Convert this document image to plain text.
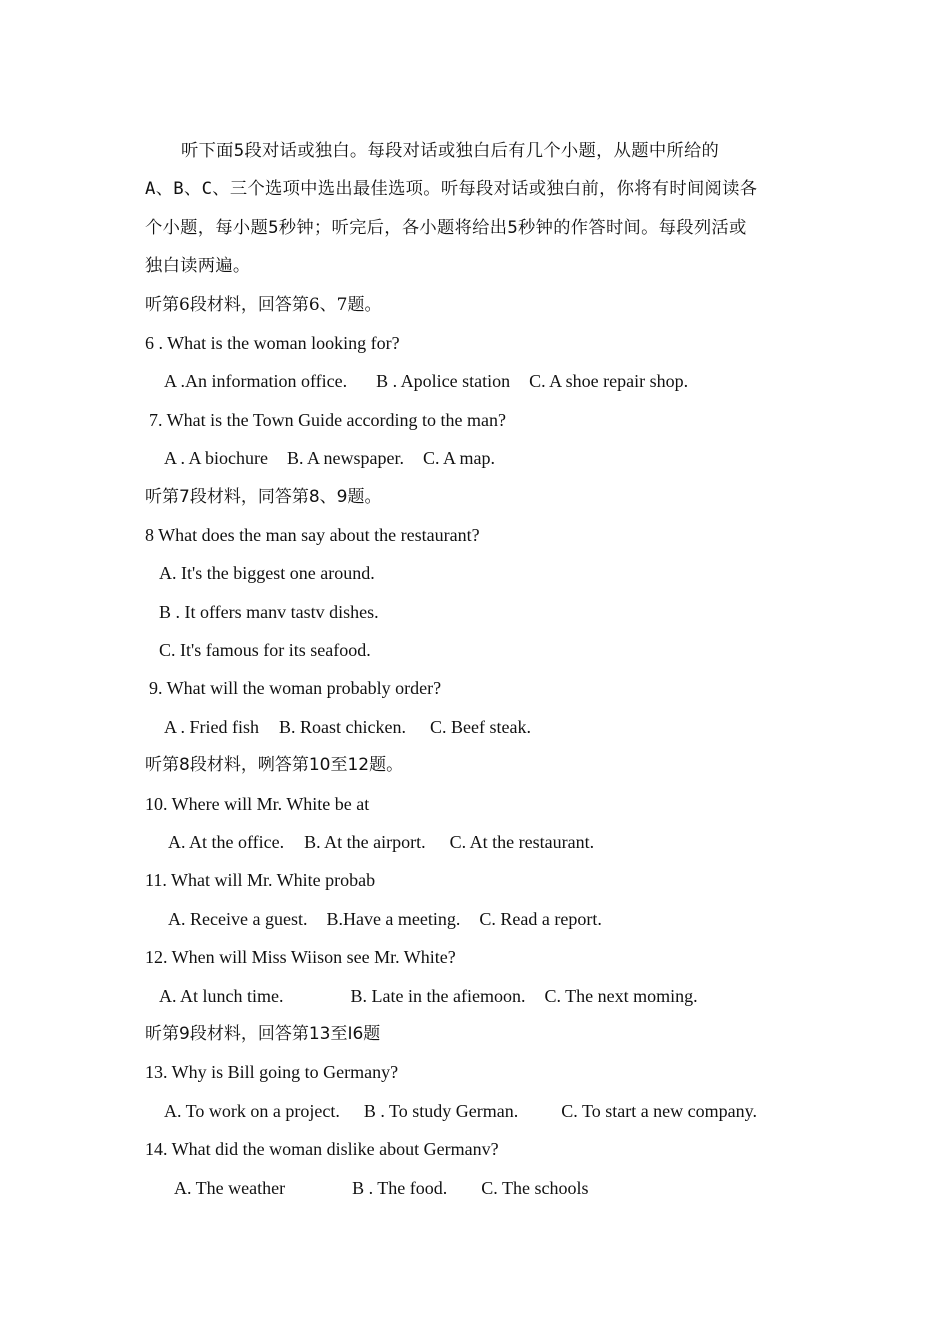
听下面5段对话或独白。每段对话或独白后有几个小题，从题中所给的
A、B、C、三个选项中选出最佳选项。听每段对话或独白前，你将有时间阅读各
个小题，每小题5秒钟；听完后，各小题将给出5秒钟的作答时间。每段列活或
独白读两遍。
听第6段材料，回答第6、7题。
6 . What is the woman looking for?
A .An information office. B . Apolice station C. A shoe repair shop.
7. What is the Town Guide according to the man?
A . A biochure B. A newspaper. C. A map.
听第7段材料，同答第8、9题。
8 What does the man say about the restaurant?
A. It's the biggest one around.
B . It offers manv tastv dishes.
C. It's famous for its seafood.
9. What will the woman probably order?
A . Fried fish B. Roast chicken. C. Beef steak.
听第8段材料，咧答第10至12题。
10. Where will Mr. White be at
A. At the office. B. At the airport. C. At the restaurant.
11. What will Mr. White probab
A. Receive a guest. B.Have a meeting. C. Read a report.
12. When will Miss Wiison see Mr. White?
A. At lunch time.	B. Late in the afiemoon. C. The next moming.
昕第9段材料，回答第13至I6题
13. Why is Bill going to Germany?
A. To work on a project. B . To study German. C. To start a new company.
14. What did the woman dislike about Germanv?
A. The weather	B . The food. C. The schools
